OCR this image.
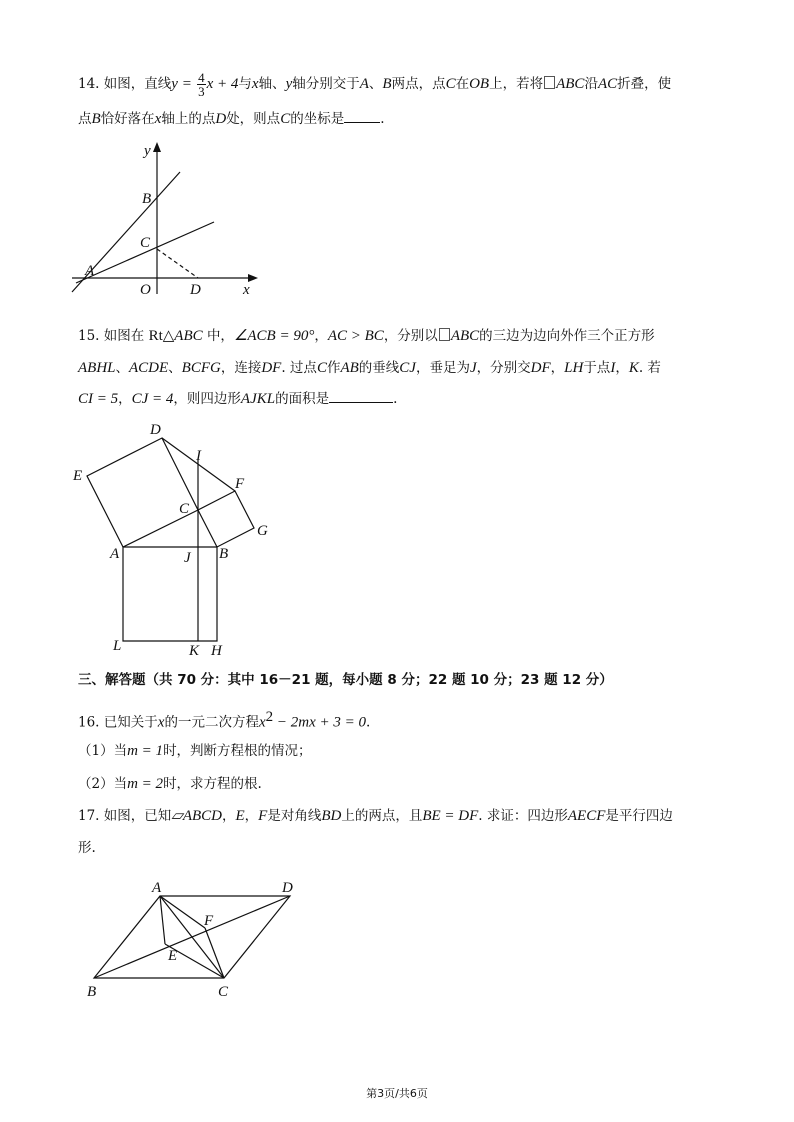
14. 如图，直线$y = \frac{4}{3}$ x + 4与x轴、y轴分别交于A、B两点，点C在OB上，若将 ABC沿AC折叠，使
点B恰好落在x轴上的点D处，则点C的坐标是	.
y
B
C
A
O	D	x
15. 如图在 Rt△ABC 中，∠ACB = 90°，AC > BC，分别以 ABC的三边为边向外作三个正方形
ABHL、ACDE、BCFG，连接DF. 过点C作AB的垂线CJ，垂足为J，分别交DF，LH于点I，K. 若
CI = 5，CJ = 4，则四边形AJKL的面积是	.
D
I
E	F
C
G
A	J B
L	K H
三、解答题（共 70 分：其中 16－21 题，每小题 8 分；22 题 10 分；23 题 12 分）
16. 已知关于x的一元二次方程$x^2 - 2mx + 3 = 0$.
（1）当m = 1时，判断方程根的情况；
（2）当m = 2时，求方程的根.
17. 如图，已知▱ABCD，E，F是对角线BD上的两点，且BE = DF. 求证：四边形AECF是平行四边
形.
A	D
F
E
B	C
第3页/共6页
